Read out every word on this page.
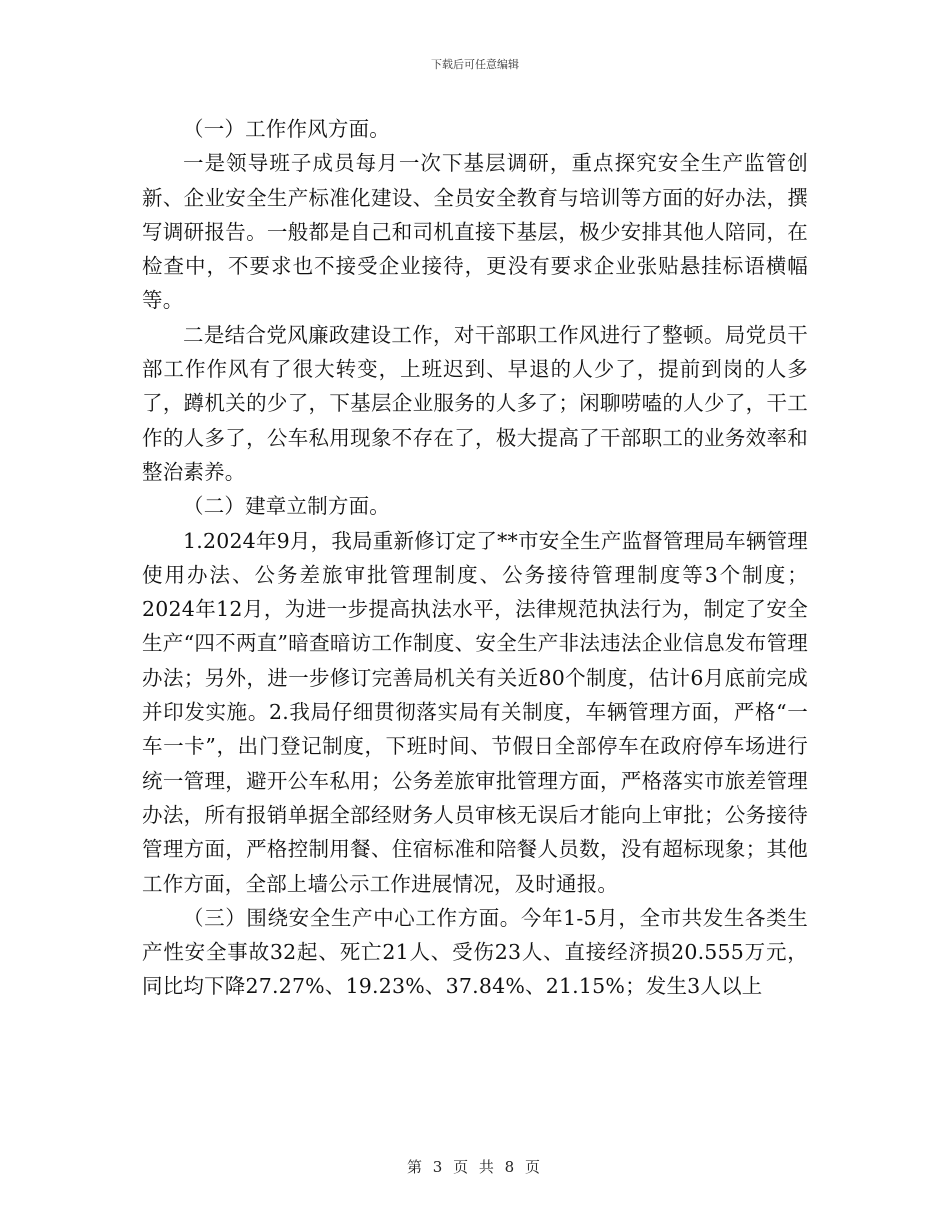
下载后可任意编辑

（一）工作作风方面。

一是领导班子成员每月一次下基层调研，重点探究安全生产监管创新、企业安全生产标准化建设、全员安全教育与培训等方面的好办法，撰写调研报告。一般都是自己和司机直接下基层，极少安排其他人陪同，在检查中，不要求也不接受企业接待，更没有要求企业张贴悬挂标语横幅等。

二是结合党风廉政建设工作，对干部职工作风进行了整顿。局党员干部工作作风有了很大转变，上班迟到、早退的人少了，提前到岗的人多了，蹲机关的少了，下基层企业服务的人多了；闲聊唠嗑的人少了，干工作的人多了，公车私用现象不存在了，极大提高了干部职工的业务效率和整治素养。

（二）建章立制方面。

1.2024年9月，我局重新修订定了**市安全生产监督管理局车辆管理使用办法、公务差旅审批管理制度、公务接待管理制度等3个制度；2024年12月，为进一步提高执法水平，法律规范执法行为，制定了安全生产“四不两直”暗查暗访工作制度、安全生产非法违法企业信息发布管理办法；另外，进一步修订完善局机关有关近80个制度，估计6月底前完成并印发实施。2.我局仔细贯彻落实局有关制度，车辆管理方面，严格“一车一卡”，出门登记制度，下班时间、节假日全部停车在政府停车场进行统一管理，避开公车私用；公务差旅审批管理方面，严格落实市旅差管理办法，所有报销单据全部经财务人员审核无误后才能向上审批；公务接待管理方面，严格控制用餐、住宿标准和陪餐人员数，没有超标现象；其他工作方面，全部上墙公示工作进展情况，及时通报。

（三）围绕安全生产中心工作方面。今年1-5月，全市共发生各类生产性安全事故32起、死亡21人、受伤23人、直接经济损20.555万元，同比均下降27.27%、19.23%、37.84%、21.15%；发生3人以上

第 3 页 共 8 页
